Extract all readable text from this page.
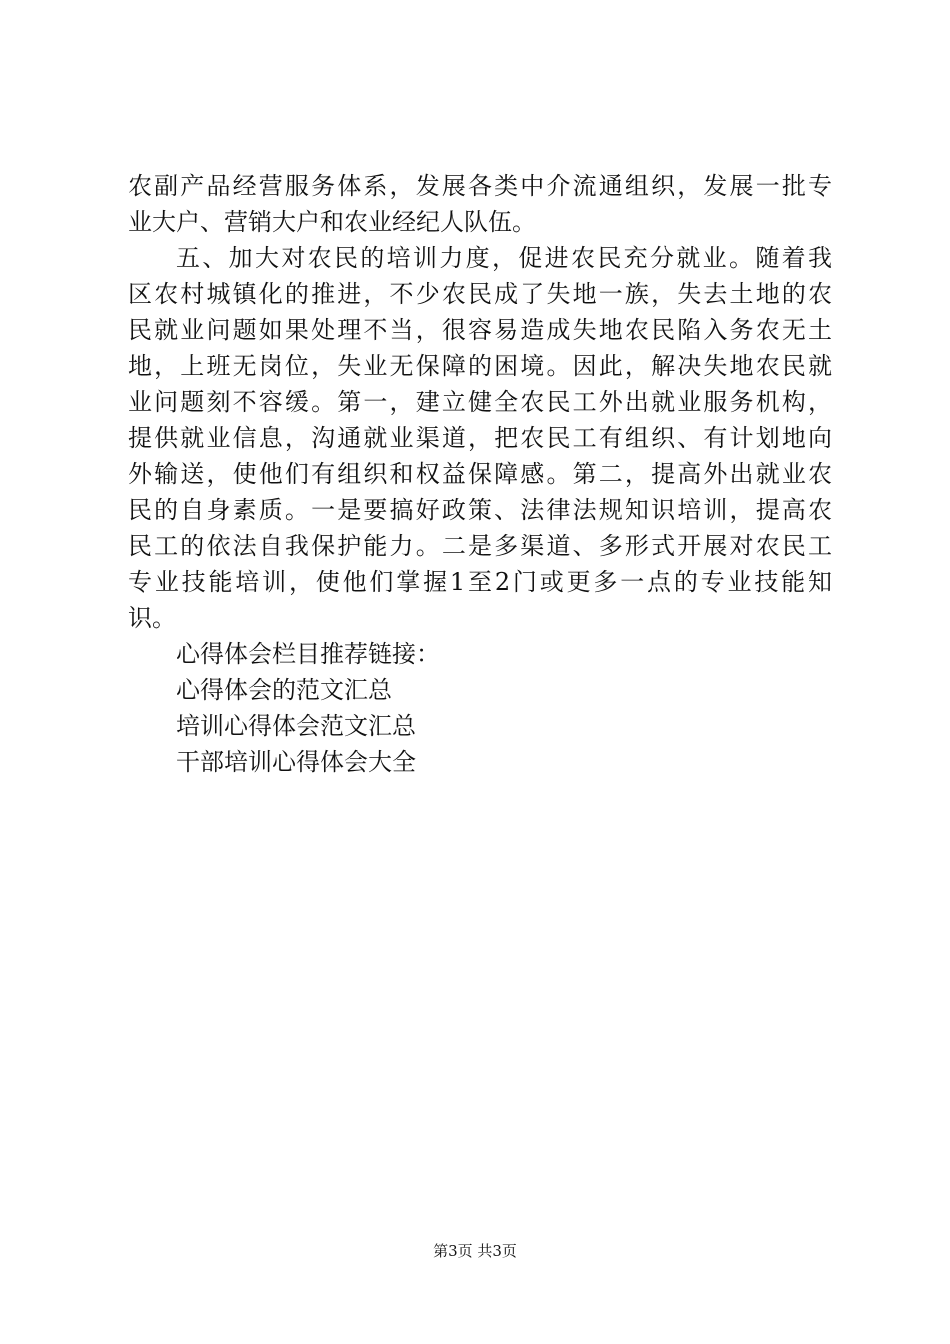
农副产品经营服务体系，发展各类中介流通组织，发展一批专
业大户、营销大户和农业经纪人队伍。
五、加大对农民的培训力度，促进农民充分就业。随着我
区农村城镇化的推进，不少农民成了失地一族，失去土地的农
民就业问题如果处理不当，很容易造成失地农民陷入务农无土
地，上班无岗位，失业无保障的困境。因此，解决失地农民就
业问题刻不容缓。第一，建立健全农民工外出就业服务机构，
提供就业信息，沟通就业渠道，把农民工有组织、有计划地向
外输送，使他们有组织和权益保障感。第二，提高外出就业农
民的自身素质。一是要搞好政策、法律法规知识培训，提高农
民工的依法自我保护能力。二是多渠道、多形式开展对农民工
专业技能培训，使他们掌握1至2门或更多一点的专业技能知
识。
心得体会栏目推荐链接：
心得体会的范文汇总
培训心得体会范文汇总
干部培训心得体会大全
第3页 共3页
